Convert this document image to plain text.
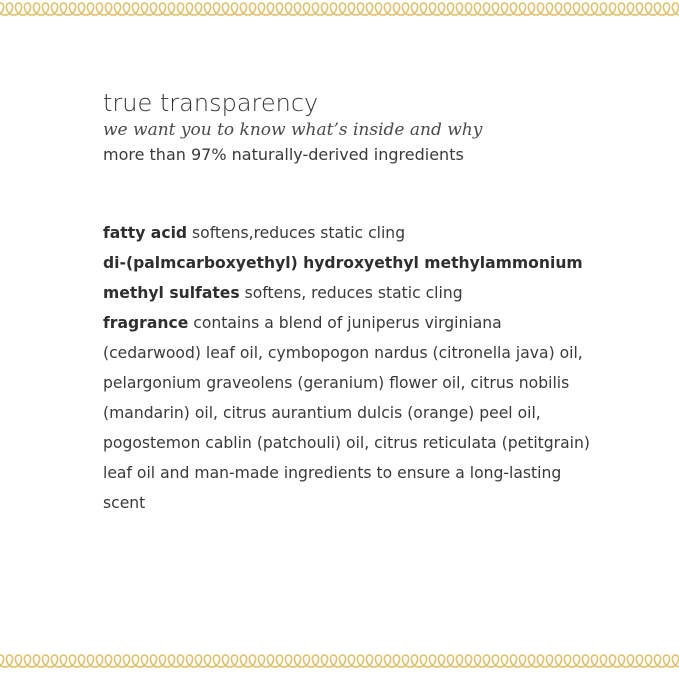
true transparency

we want you to know what’s inside and why

more than 97% naturally-derived ingredients

fatty acid softens,reduces static cling

di-(palmcarboxyethyl) hydroxyethyl methylammonium methyl sulfates softens, reduces static cling

fragrance contains a blend of juniperus virginiana (cedarwood) leaf oil, cymbopogon nardus (citronella java) oil, pelargonium graveolens (geranium) flower oil, citrus nobilis (mandarin) oil, citrus aurantium dulcis (orange) peel oil, pogostemon cablin (patchouli) oil, citrus reticulata (petitgrain) leaf oil and man-made ingredients to ensure a long-lasting scent
